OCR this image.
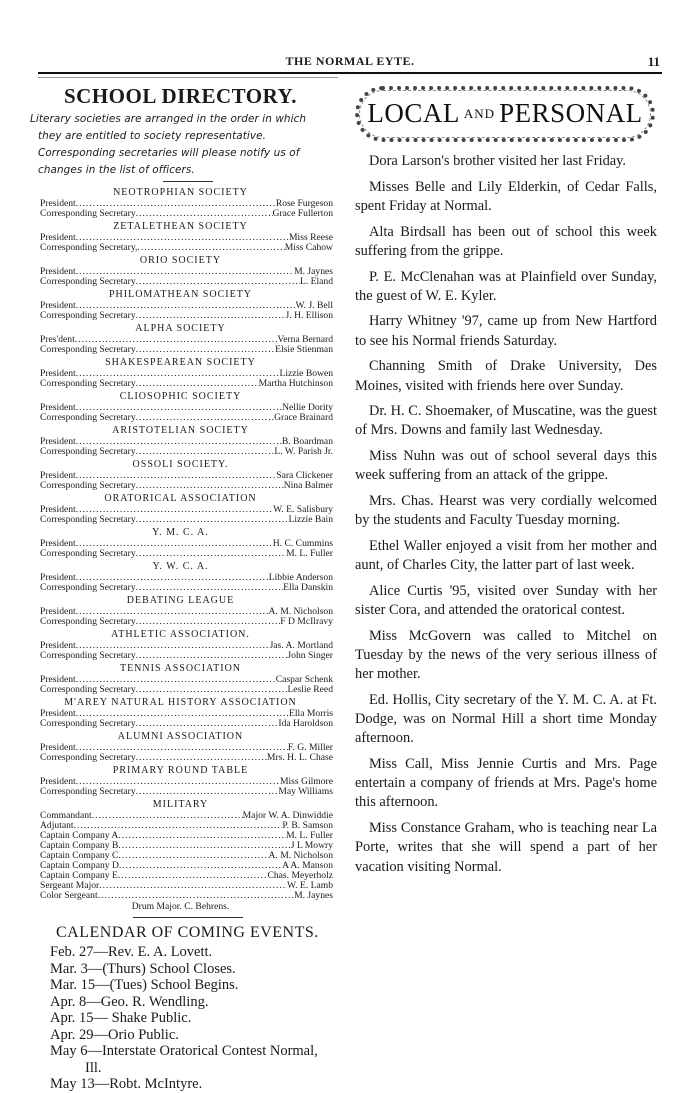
THE NORMAL EYTE.	11
SCHOOL DIRECTORY.
Literary societies are arranged in the order in which they are entitled to society representative. Corresponding secretaries will please notify us of changes in the list of officers.
NEOTROPHIAN SOCIETY
President .....	Rose Furgeson
Corresponding Secretary .....	Grace Fullerton
ZETALETHEAN SOCIETY
President .....	Miss Reese
Corresponding Secretary, .....	Miss Cahow
ORIO SOCIETY
President .....	M. Jaynes
Corresponding Secretary .....	L. Eland
PHILOMATHEAN SOCIETY
President .....	W. J. Bell
Corresponding Secretary .....	J. H. Ellison
ALPHA SOCIETY
Pres'dent .....	Verna Bernard
Corresponding Secretary .....	Elsie Stienman
SHAKESPEAREAN SOCIETY
President .....	Lizzie Bowen
Corresponding Secretary .....	Martha Hutchinson
CLIOSOPHIC SOCIETY
President .....	Nellie Dority
Corresponding Secretary .....	Grace Brainard
ARISTOTELIAN SOCIETY
President .....	B. Boardman
Corresponding Secretary .....	L. W. Parish Jr.
OSSOLI SOCIETY.
President .....	Sara Clickener
Corresponding Secretary .....	Nina Balmer
ORATORICAL ASSOCIATION
President .....	W. E. Salisbury
Corresponding Secretary .....	Lizzie Bain
Y. M. C. A.
President .....	H. C. Cummins
Corresponding Secretary .....	M. L. Fuller
Y. W. C. A.
President .....	Libbie Anderson
Corresponding Secretary .....	Ella Danskin
DEBATING LEAGUE
President .....	A. M. Nicholson
Corresponding Secretary .....	F D McIlravy
ATHLETIC ASSOCIATION.
President .....	Jas. A. Mortland
Corresponding Secretary .....	John Singer
TENNIS ASSOCIATION
President .....	Caspar Schenk
Corresponding Secretary .....	Leslie Reed
M'AREY NATURAL HISTORY ASSOCIATION
President .....	Ella Morris
Corresponding Secretary .....	Ida Haroldson
ALUMNI ASSOCIATION
President .....	F. G. Miller
Corresponding Secretary .....	Mrs. H. L. Chase
PRIMARY ROUND TABLE
President .....	Miss Gilmore
Corresponding Secretary .....	May Williams
MILITARY
Commandant .....	Major W. A. Dinwiddie
Adjutant .....	P. B. Samson
Captain Company A .....	M. L. Fuller
Captain Company B .....	J L Mowry
Captain Company C .....	A. M. Nicholson
Captain Company D .....	A A. Manson
Captain Company E .....	Chas. Meyerholz
Sergeant Major .....	W. E. Lamb
Color Sergeant .....	M. Jaynes
Drum Major. C. Behrens.
CALENDAR OF COMING EVENTS.
Feb. 27—Rev. E. A. Lovett.
Mar. 3—(Thurs) School Closes.
Mar. 15—(Tues) School Begins.
Apr. 8—Geo. R. Wendling.
Apr. 15— Shake Public.
Apr. 29—Orio Public.
May 6—Interstate Oratorical Contest Normal, Ill.
May 13—Robt. McIntyre.
LOCAL AND PERSONAL

Dora Larson's brother visited her last Friday.

Misses Belle and Lily Elderkin, of Cedar Falls, spent Friday at Normal.

Alta Birdsall has been out of school this week suffering from the grippe.

P. E. McClenahan was at Plainfield over Sunday, the guest of W. E. Kyler.

Harry Whitney '97, came up from New Hartford to see his Normal friends Saturday.

Channing Smith of Drake University, Des Moines, visited with friends here over Sunday.

Dr. H. C. Shoemaker, of Muscatine, was the guest of Mrs. Downs and family last Wednesday.

Miss Nuhn was out of school several days this week suffering from an attack of the grippe.

Mrs. Chas. Hearst was very cordially welcomed by the students and Faculty Tuesday morning.

Ethel Waller enjoyed a visit from her mother and aunt, of Charles City, the latter part of last week.

Alice Curtis '95, visited over Sunday with her sister Cora, and attended the oratorical contest.

Miss McGovern was called to Mitchel on Tuesday by the news of the very serious illness of her mother.

Ed. Hollis, City secretary of the Y. M. C. A. at Ft. Dodge, was on Normal Hill a short time Monday afternoon.

Miss Call, Miss Jennie Curtis and Mrs. Page entertain a company of friends at Mrs. Page's home this afternoon.

Miss Constance Graham, who is teaching near La Porte, writes that she will spend a part of her vacation visiting Normal.
